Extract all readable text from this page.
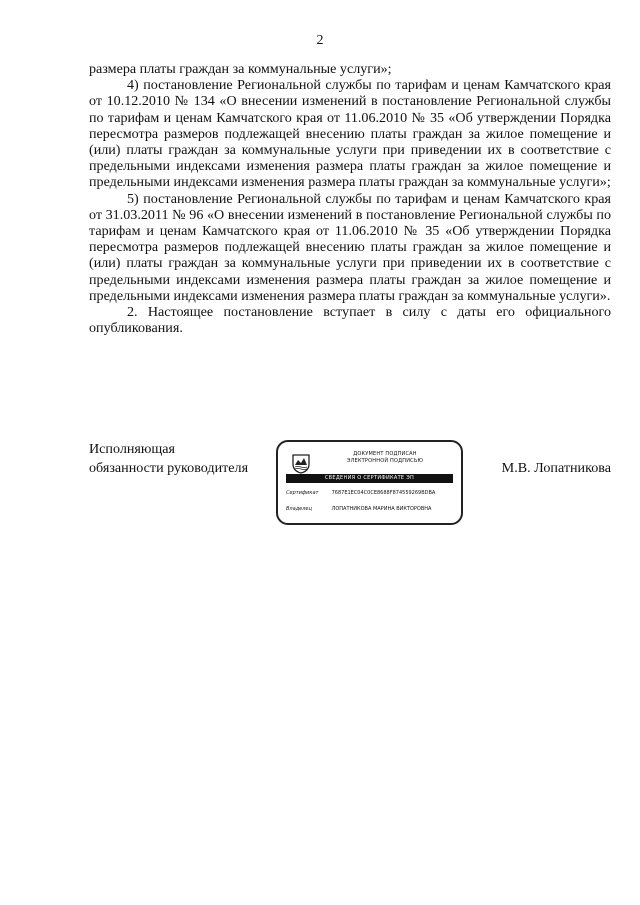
2

размера платы граждан за коммунальные услуги»;

4) постановление Региональной службы по тарифам и ценам Камчатского края от 10.12.2010 № 134 «О внесении изменений в постановление Региональной службы по тарифам и ценам Камчатского края от 11.06.2010 № 35 «Об утверждении Порядка пересмотра размеров подлежащей внесению платы граждан за жилое помещение и (или) платы граждан за коммунальные услуги при приведении их в соответствие с предельными индексами изменения размера платы граждан за жилое помещение и предельными индексами изменения размера платы граждан за коммунальные услуги»;

5) постановление Региональной службы по тарифам и ценам Камчатского края от 31.03.2011 № 96 «О внесении изменений в постановление Региональной службы по тарифам и ценам Камчатского края от 11.06.2010 № 35 «Об утверждении Порядка пересмотра размеров подлежащей внесению платы граждан за жилое помещение и (или) платы граждан за коммунальные услуги при приведении их в соответствие с предельными индексами изменения размера платы граждан за жилое помещение и предельными индексами изменения размера платы граждан за коммунальные услуги».

2. Настоящее постановление вступает в силу с даты его официального опубликования.

Исполняющая
обязанности руководителя
ДОКУМЕНТ ПОДПИСАН
ЭЛЕКТРОННОЙ ПОДПИСЬЮ
СВЕДЕНИЯ О СЕРТИФИКАТЕ ЭП
Сертификат	7687E1EC04C0CE8688F874559269BDBA
Владелец	ЛОПАТНИКОВА МАРИНА ВИКТОРОВНА
М.В. Лопатникова
